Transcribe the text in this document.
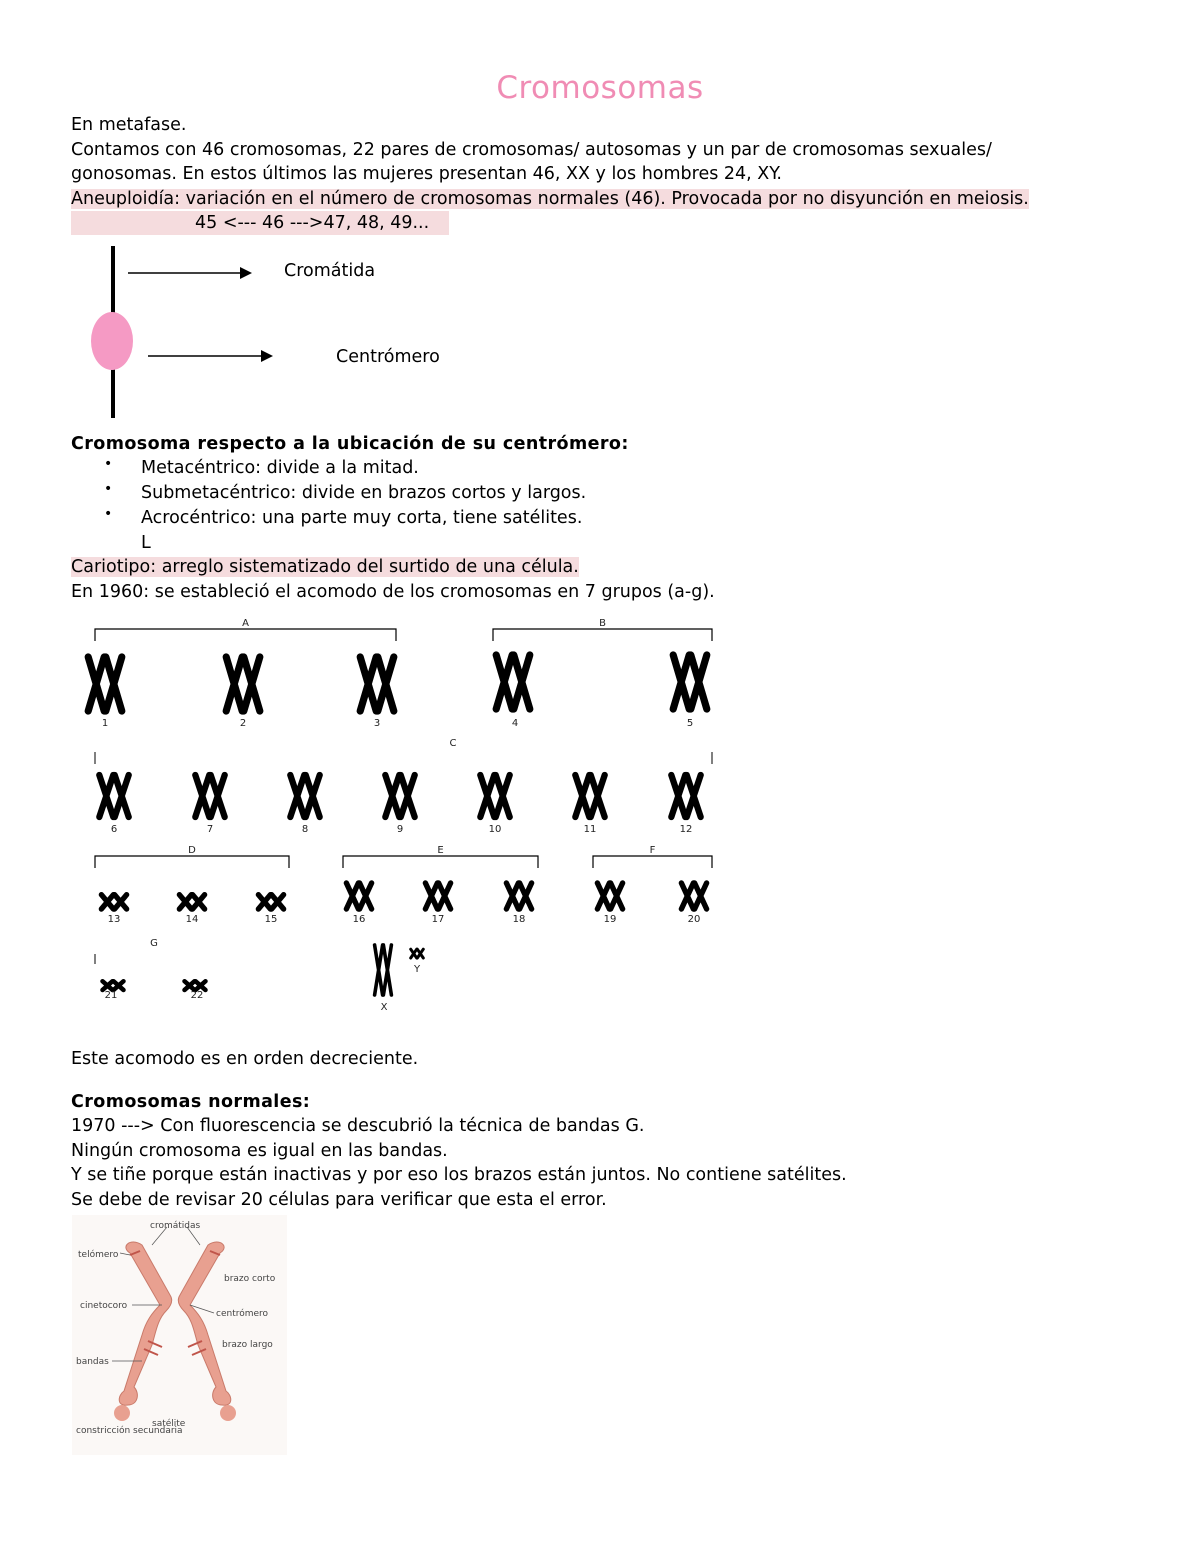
Cromosomas
En metafase.
Contamos con 46 cromosomas, 22 pares de cromosomas/ autosomas y un par de cromosomas sexuales/
gonosomas. En estos últimos las mujeres presentan 46, XX y los hombres 24, XY.
Aneuploidía: variación en el número de cromosomas normales (46). Provocada por no disyunción en meiosis.
45 <--- 46 --->47, 48, 49...
Cromátida
Centrómero
Cromosoma respecto a la ubicación de su centrómero:
• Metacéntrico: divide a la mitad.
• Submetacéntrico: divide en brazos cortos y largos.
• Acrocéntrico: una parte muy corta, tiene satélites.
L
Cariotipo: arreglo sistematizado del surtido de una célula.
En 1960: se estableció el acomodo de los cromosomas en 7 grupos (a-g).
A	B
1	2	3	4	5
C
6	7	8	9	10	11	12
D	E	F
13	14	15	16	17	18	19	20
G
21	22
X
Y
Este acomodo es en orden decreciente.
Cromosomas normales:
1970 ---> Con fluorescencia se descubrió la técnica de bandas G.
Ningún cromosoma es igual en las bandas.
Y se tiñe porque están inactivas y por eso los brazos están juntos. No contiene satélites.
Se debe de revisar 20 células para verificar que esta el error.
cromátidas
telómero
brazo corto
cinetocoro
centrómero
brazo largo
bandas
satélite
constricción secundaria
